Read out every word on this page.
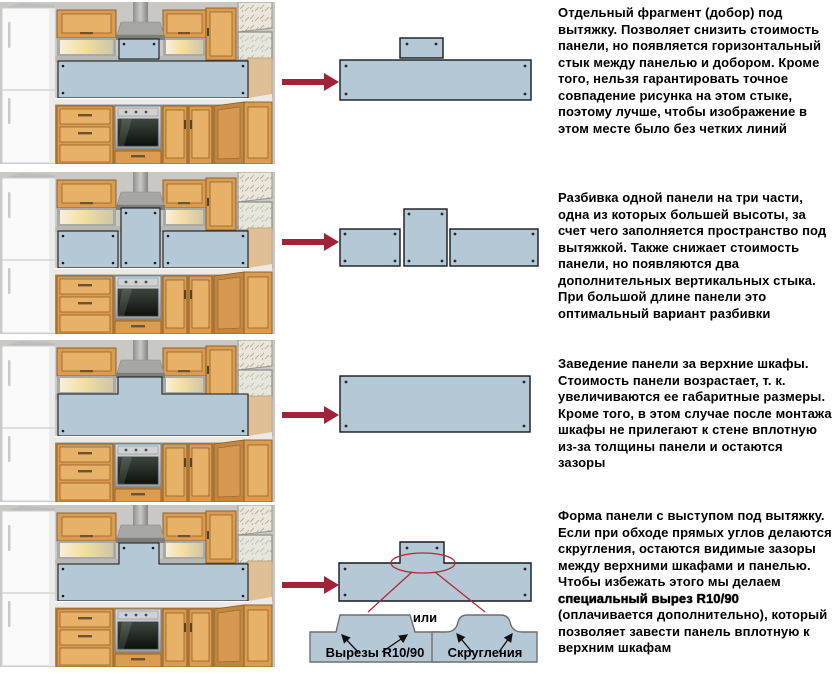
Отдельный фрагмент (добор) под вытяжку. Позволяет снизить стоимость панели, но появляется горизонтальный стык между панелью и добором. Кроме того, нельзя гарантировать точное совпадение рисунка на этом стыке, поэтому лучше, чтобы изображение в этом месте было без четких линий

Разбивка одной панели на три части, одна из которых большей высоты, за счет чего заполняется пространство под вытяжкой. Также снижает стоимость панели, но появляются два дополнительных вертикальных стыка. При большой длине панели это оптимальный вариант разбивки

Заведение панели за верхние шкафы. Стоимость панели возрастает, т. к. увеличиваются ее габаритные размеры. Кроме того, в этом случае после монтажа шкафы не прилегают к стене вплотную из-за толщины панели и остаются зазоры

или
Вырезы R10/90 Скругления

Форма панели с выступом под вытяжку. Если при обходе прямых углов делаются скругления, остаются видимые зазоры между верхними шкафами и панелью. Чтобы избежать этого мы делаем специальный вырез R10/90 (оплачивается дополнительно), который позволяет завести панель вплотную к верхним шкафам
